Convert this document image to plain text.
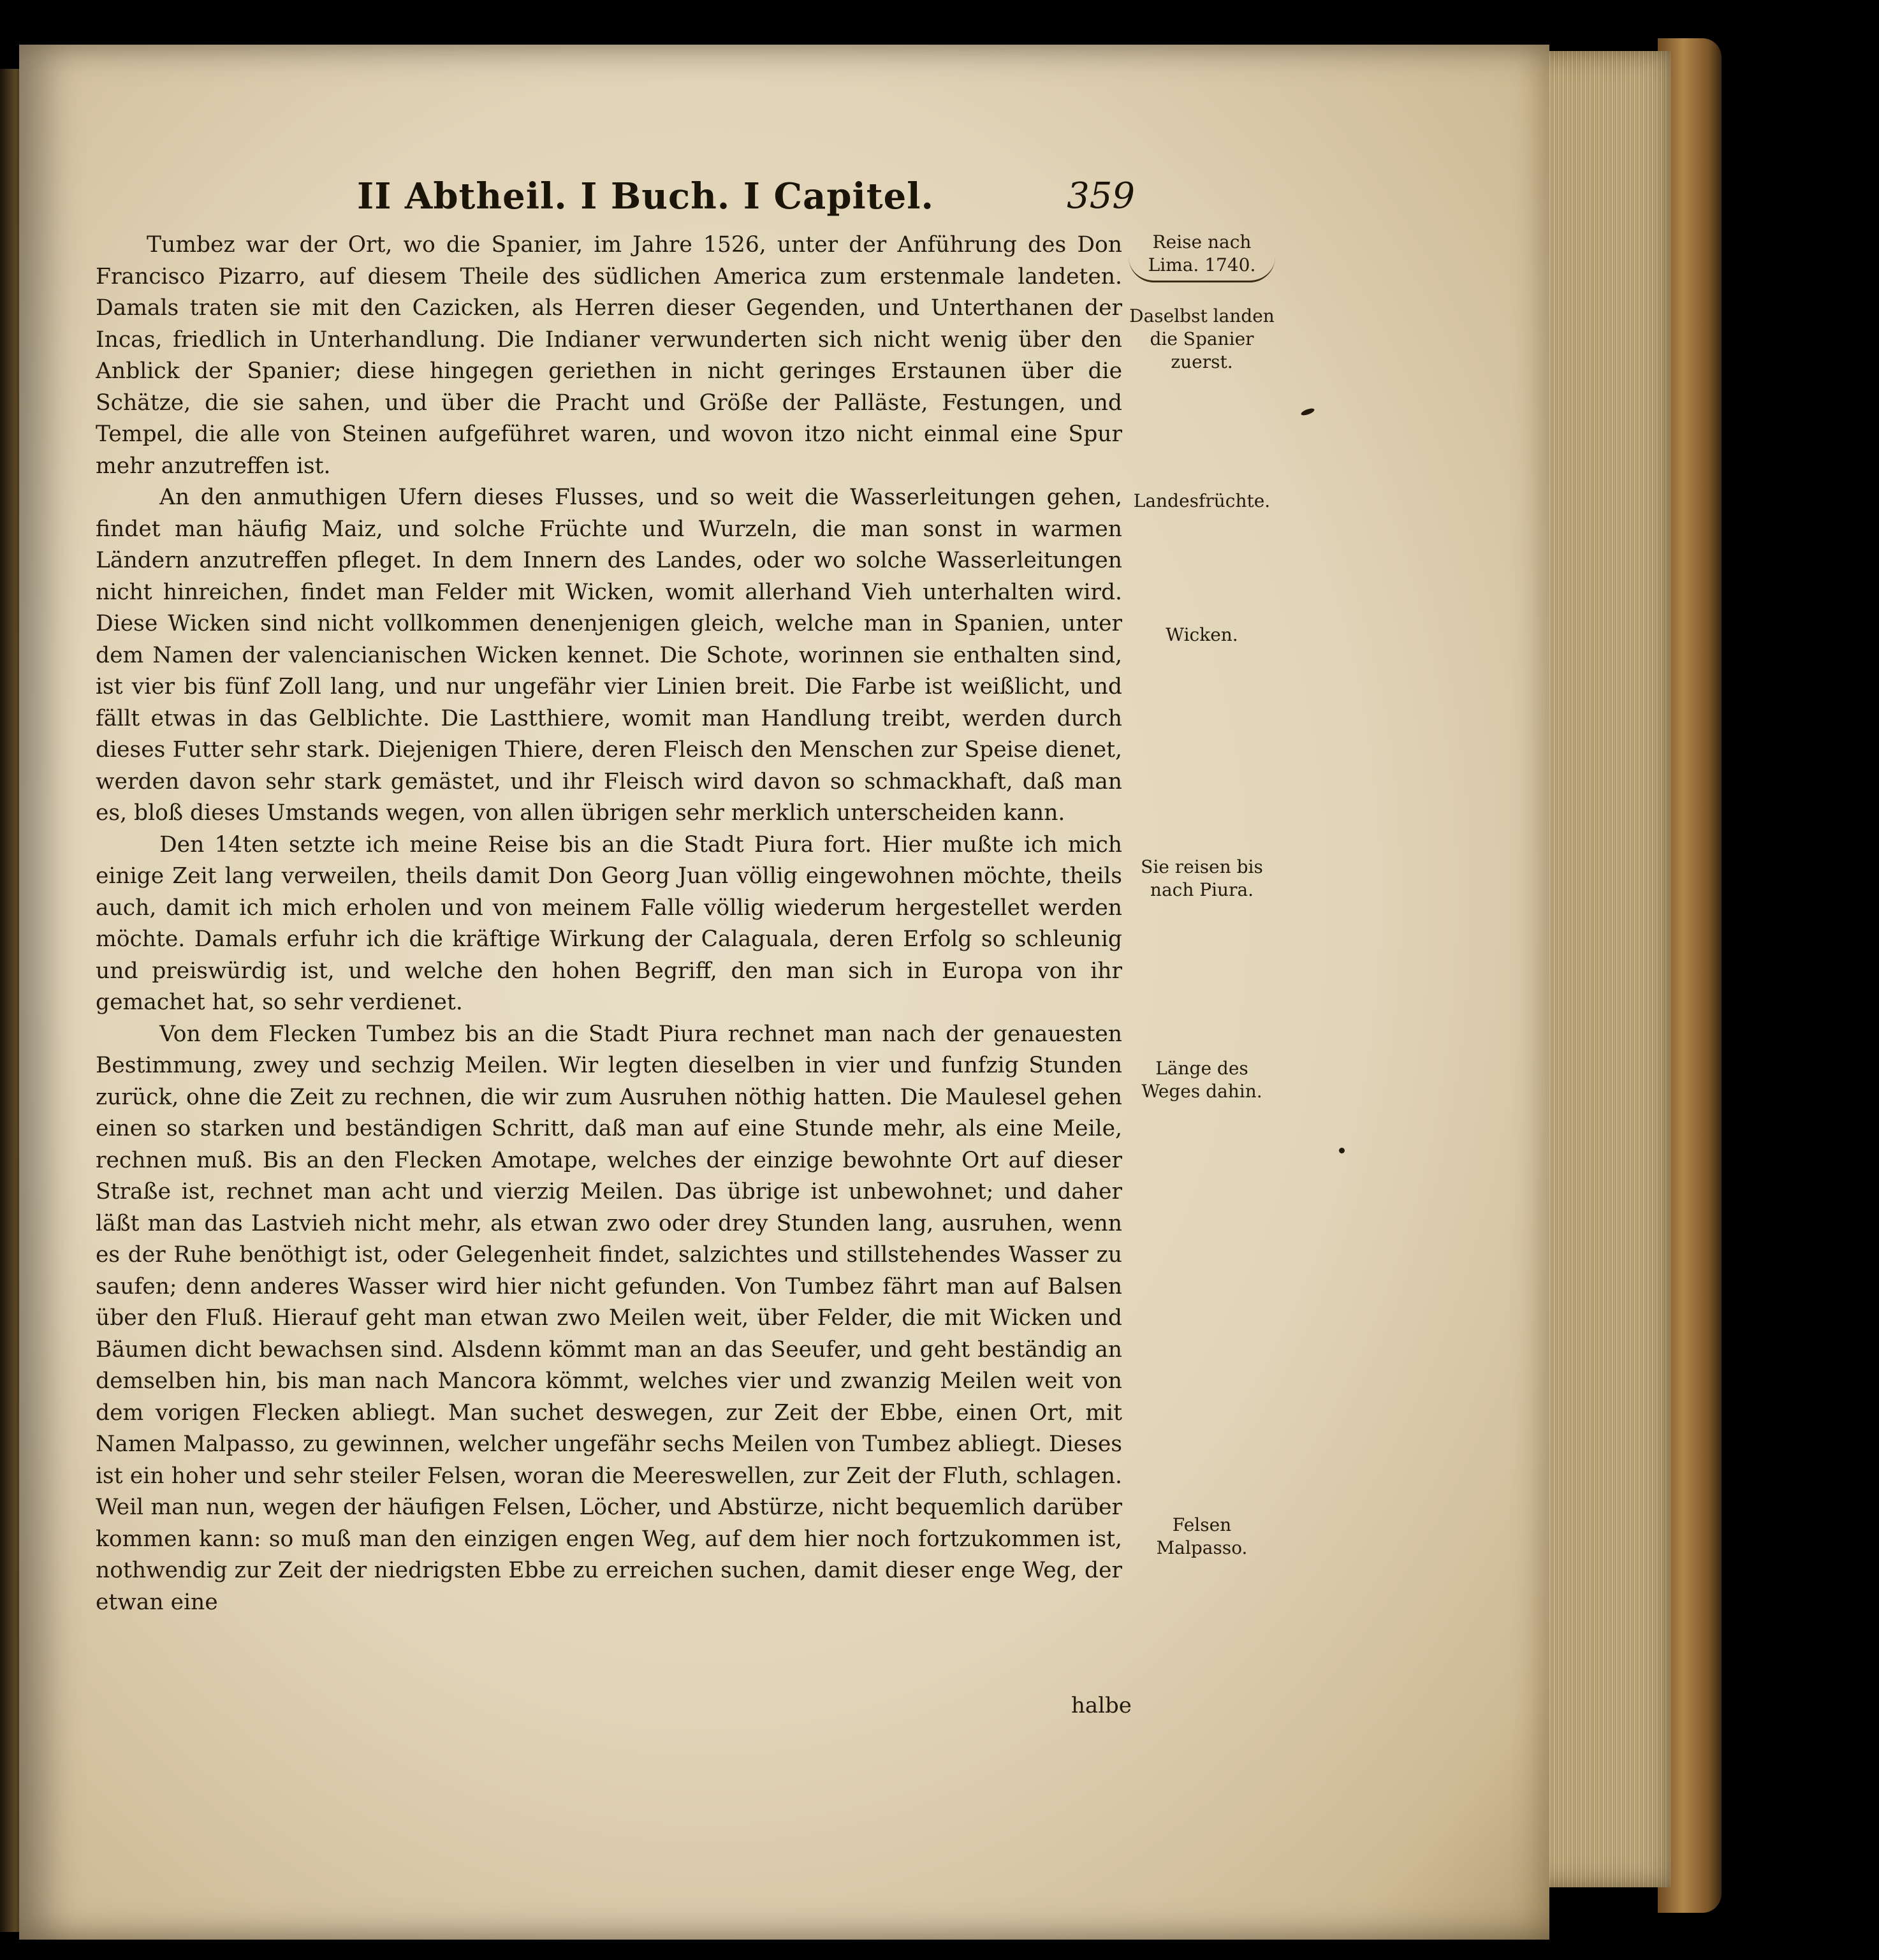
II Abtheil. I Buch. I Capitel.	359

Tumbez war der Ort, wo die Spanier, im Jahre 1526, unter der Anführung des Don Francisco Pizarro, auf diesem Theile des südlichen America zum erstenmale landeten. Damals traten sie mit den Cazicken, als Herren dieser Gegenden, und Unterthanen der Incas, friedlich in Unterhandlung. Die Indianer verwunderten sich nicht wenig über den Anblick der Spanier; diese hingegen geriethen in nicht geringes Erstaunen über die Schätze, die sie sahen, und über die Pracht und Größe der Palläste, Festungen, und Tempel, die alle von Steinen aufgeführet waren, und wovon itzo nicht einmal eine Spur mehr anzutreffen ist.

An den anmuthigen Ufern dieses Flusses, und so weit die Wasserleitungen gehen, findet man häufig Maiz, und solche Früchte und Wurzeln, die man sonst in warmen Ländern anzutreffen pfleget. In dem Innern des Landes, oder wo solche Wasserleitungen nicht hinreichen, findet man Felder mit Wicken, womit allerhand Vieh unterhalten wird. Diese Wicken sind nicht vollkommen denenjenigen gleich, welche man in Spanien, unter dem Namen der valencianischen Wicken kennet. Die Schote, worinnen sie enthalten sind, ist vier bis fünf Zoll lang, und nur ungefähr vier Linien breit. Die Farbe ist weißlicht, und fällt etwas in das Gelblichte. Die Lastthiere, womit man Handlung treibt, werden durch dieses Futter sehr stark. Diejenigen Thiere, deren Fleisch den Menschen zur Speise dienet, werden davon sehr stark gemästet, und ihr Fleisch wird davon so schmackhaft, daß man es, bloß dieses Umstands wegen, von allen übrigen sehr merklich unterscheiden kann.

Den 14ten setzte ich meine Reise bis an die Stadt Piura fort. Hier mußte ich mich einige Zeit lang verweilen, theils damit Don Georg Juan völlig eingewohnen möchte, theils auch, damit ich mich erholen und von meinem Falle völlig wiederum hergestellet werden möchte. Damals erfuhr ich die kräftige Wirkung der Calaguala, deren Erfolg so schleunig und preiswürdig ist, und welche den hohen Begriff, den man sich in Europa von ihr gemachet hat, so sehr verdienet.

Von dem Flecken Tumbez bis an die Stadt Piura rechnet man nach der genauesten Bestimmung, zwey und sechzig Meilen. Wir legten dieselben in vier und funfzig Stunden zurück, ohne die Zeit zu rechnen, die wir zum Ausruhen nöthig hatten. Die Maulesel gehen einen so starken und beständigen Schritt, daß man auf eine Stunde mehr, als eine Meile, rechnen muß. Bis an den Flecken Amotape, welches der einzige bewohnte Ort auf dieser Straße ist, rechnet man acht und vierzig Meilen. Das übrige ist unbewohnet; und daher läßt man das Lastvieh nicht mehr, als etwan zwo oder drey Stunden lang, ausruhen, wenn es der Ruhe benöthigt ist, oder Gelegenheit findet, salzichtes und stillstehendes Wasser zu saufen; denn anderes Wasser wird hier nicht gefunden. Von Tumbez fährt man auf Balsen über den Fluß. Hierauf geht man etwan zwo Meilen weit, über Felder, die mit Wicken und Bäumen dicht bewachsen sind. Alsdenn kömmt man an das Seeufer, und geht beständig an demselben hin, bis man nach Mancora kömmt, welches vier und zwanzig Meilen weit von dem vorigen Flecken abliegt. Man suchet deswegen, zur Zeit der Ebbe, einen Ort, mit Namen Malpasso, zu gewinnen, welcher ungefähr sechs Meilen von Tumbez abliegt. Dieses ist ein hoher und sehr steiler Felsen, woran die Meereswellen, zur Zeit der Fluth, schlagen. Weil man nun, wegen der häufigen Felsen, Löcher, und Abstürze, nicht bequemlich darüber kommen kann: so muß man den einzigen engen Weg, auf dem hier noch fortzukommen ist, nothwendig zur Zeit der niedrigsten Ebbe zu erreichen suchen, damit dieser enge Weg, der etwan eine

halbe
Reise nach Lima. 1740.
Daselbst landen die Spanier zuerst.
Landesfrüchte.
Wicken.
Sie reisen bis nach Piura.
Länge des Weges dahin.
Felsen Malpasso.
